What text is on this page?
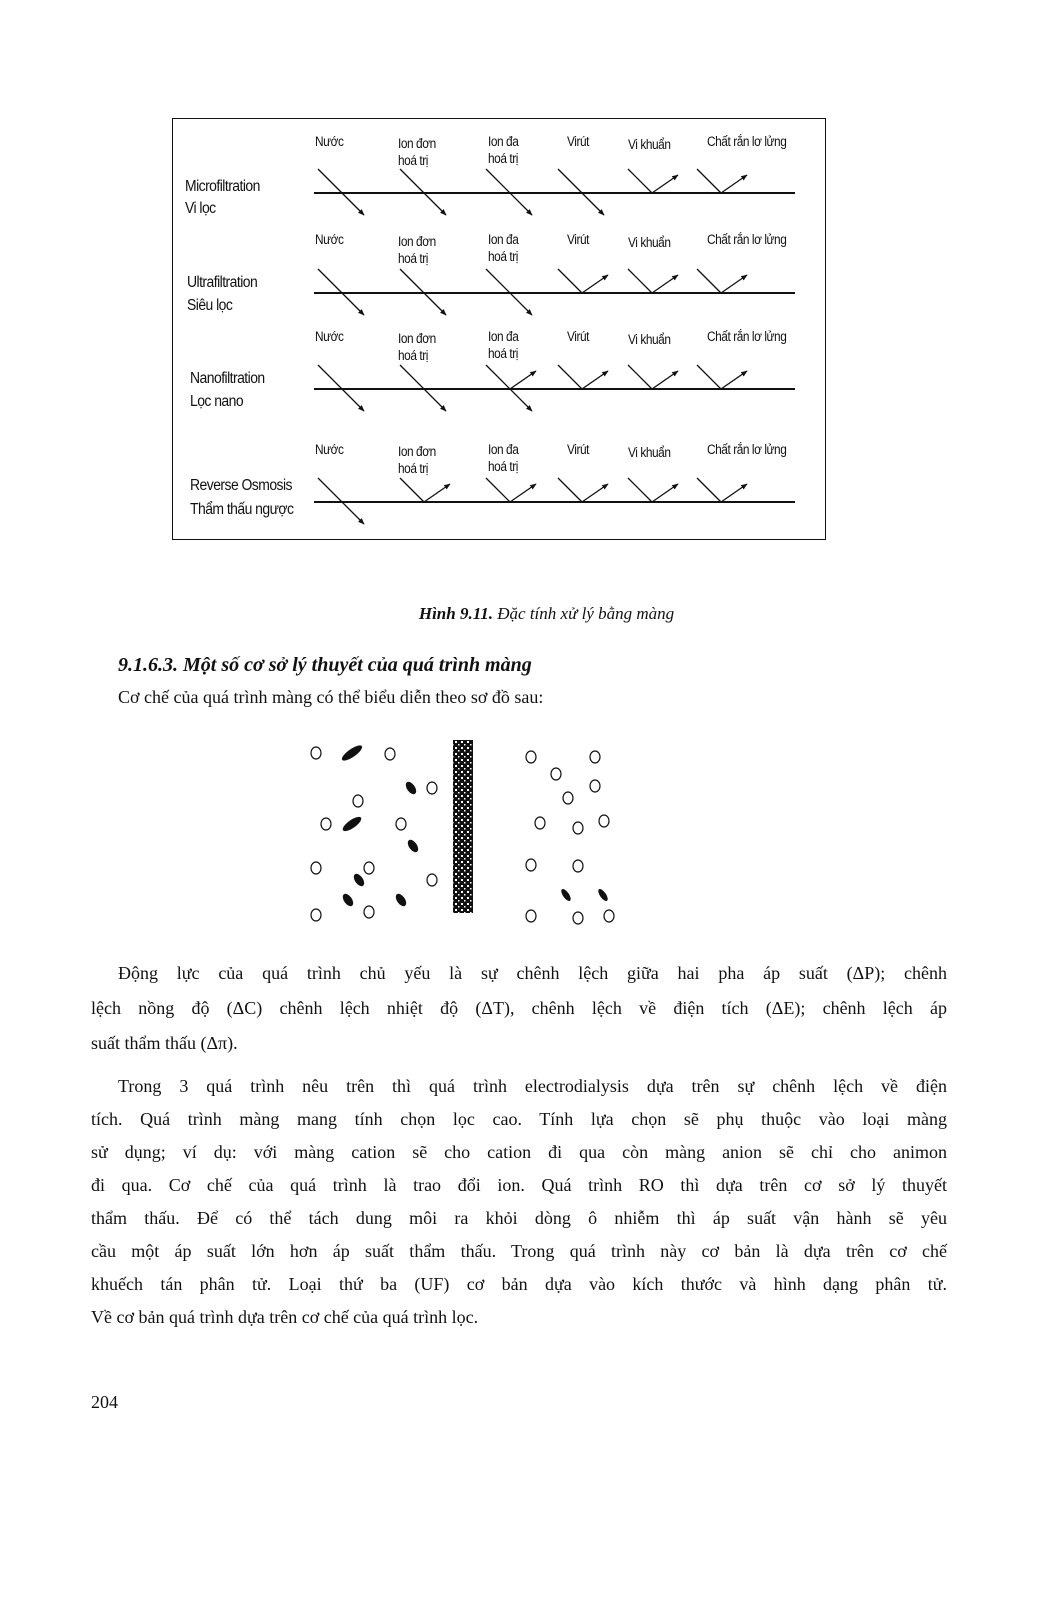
Microfiltration
Vi lọc
Ultrafiltration
Siêu lọc
Nanofiltration
Lọc nano
Reverse Osmosis
Thẩm thấu ngược
Nước	Ion đơn
hoá trị
Ion đa
hoá trị
Virút	Vi khuẩn	Chất rắn lơ lửng
Nước	Ion đơn
hoá trị
Ion đa
hoá trị
Virút	Vi khuẩn	Chất rắn lơ lửng
Nước	Ion đơn
hoá trị
Ion đa
hoá trị
Virút	Vi khuẩn	Chất rắn lơ lửng
Nước	Ion đơn
hoá trị
Ion đa
hoá trị
Virút	Vi khuẩn	Chất rắn lơ lửng
Hình 9.11. Đặc tính xử lý bằng màng
9.1.6.3. Một số cơ sở lý thuyết của quá trình màng
Cơ chế của quá trình màng có thể biểu diễn theo sơ đồ sau:
Động lực của quá trình chủ yếu là sự chênh lệch giữa hai pha áp suất (ΔP); chênh
lệch nồng độ (ΔC) chênh lệch nhiệt độ (ΔT), chênh lệch về điện tích (ΔE); chênh lệch áp
suất thẩm thấu (Δπ).
Trong 3 quá trình nêu trên thì quá trình electrodialysis dựa trên sự chênh lệch về điện
tích. Quá trình màng mang tính chọn lọc cao. Tính lựa chọn sẽ phụ thuộc vào loại màng
sử dụng; ví dụ: với màng cation sẽ cho cation đi qua còn màng anion sẽ chỉ cho animon
đi qua. Cơ chế của quá trình là trao đổi ion. Quá trình RO thì dựa trên cơ sở lý thuyết
thẩm thấu. Để có thể tách dung môi ra khỏi dòng ô nhiễm thì áp suất vận hành sẽ yêu
cầu một áp suất lớn hơn áp suất thẩm thấu. Trong quá trình này cơ bản là dựa trên cơ chế
khuếch tán phân tử. Loại thứ ba (UF) cơ bản dựa vào kích thước và hình dạng phân tử.
Về cơ bản quá trình dựa trên cơ chế của quá trình lọc.
204
